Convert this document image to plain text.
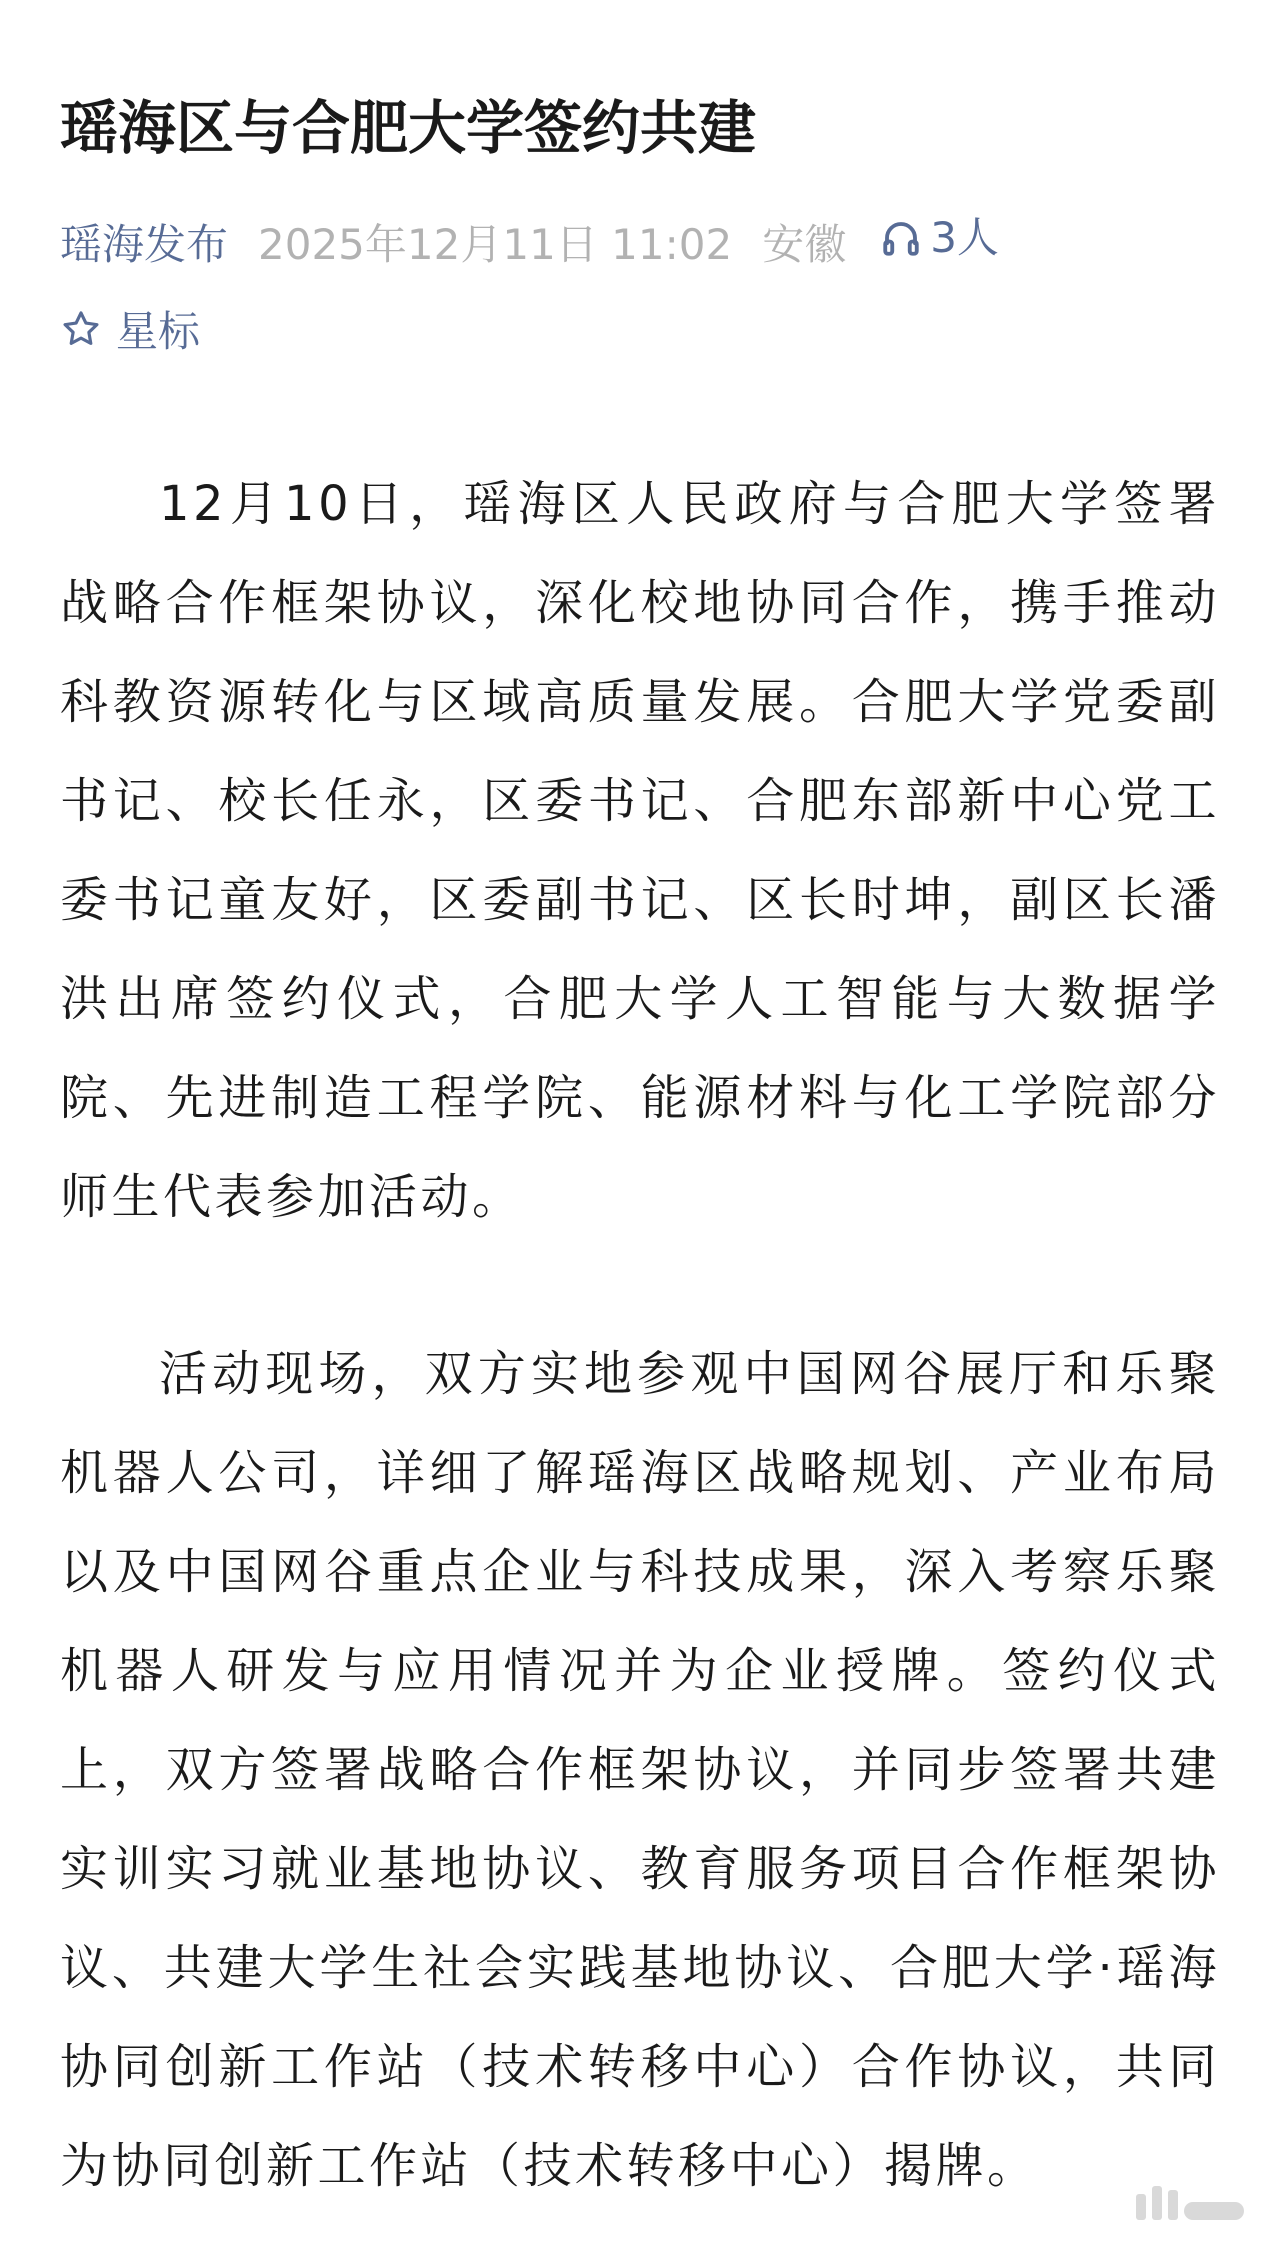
瑶海区与合肥大学签约共建
瑶海发布 2025年12月11日 11:02 安徽 3人
星标

12月10日，瑶海区人民政府与合肥大学签署战略合作框架协议，深化校地协同合作，携手推动科教资源转化与区域高质量发展。合肥大学党委副书记、校长任永，区委书记、合肥东部新中心党工委书记童友好，区委副书记、区长时坤，副区长潘洪出席签约仪式，合肥大学人工智能与大数据学院、先进制造工程学院、能源材料与化工学院部分师生代表参加活动。

活动现场，双方实地参观中国网谷展厅和乐聚机器人公司，详细了解瑶海区战略规划、产业布局以及中国网谷重点企业与科技成果，深入考察乐聚机器人研发与应用情况并为企业授牌。签约仪式上，双方签署战略合作框架协议，并同步签署共建实训实习就业基地协议、教育服务项目合作框架协议、共建大学生社会实践基地协议、合肥大学·瑶海协同创新工作站（技术转移中心）合作协议，共同为协同创新工作站（技术转移中心）揭牌。
